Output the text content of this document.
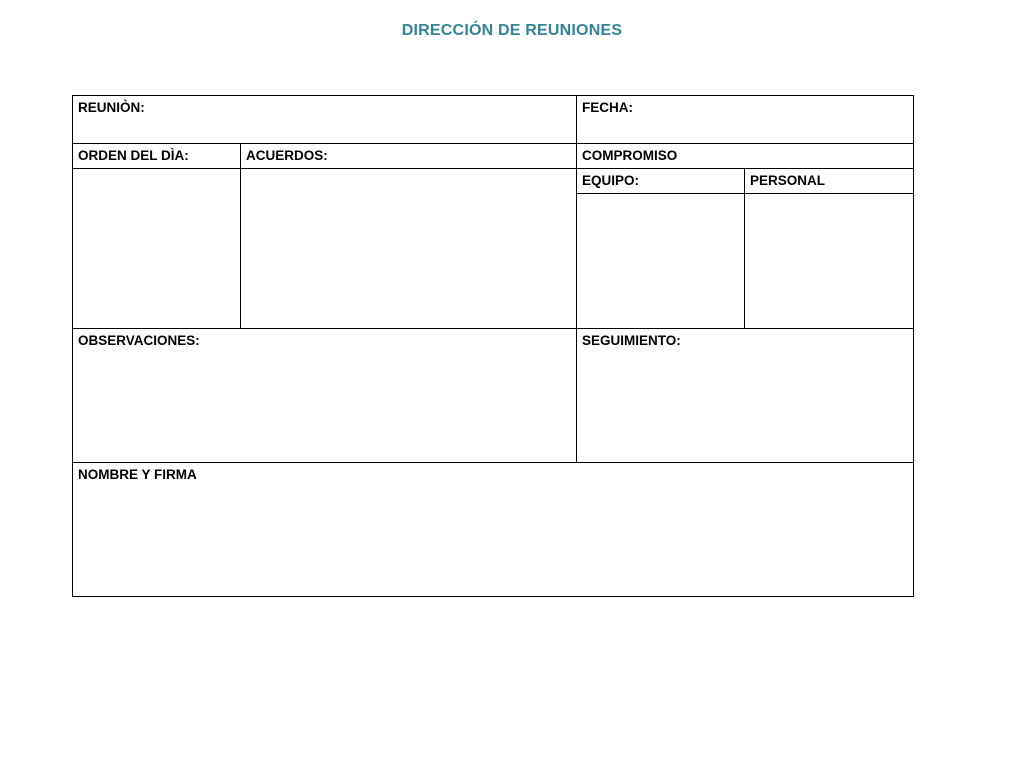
DIRECCIÓN DE REUNIONES
REUNIÒN:		FECHA:	
ORDEN DEL DÌA:	ACUERDOS:	COMPROMISO	
		EQUIPO:	PERSONAL

OBSERVACIONES:		SEGUIMIENTO:	
NOMBRE Y FIRMA			
